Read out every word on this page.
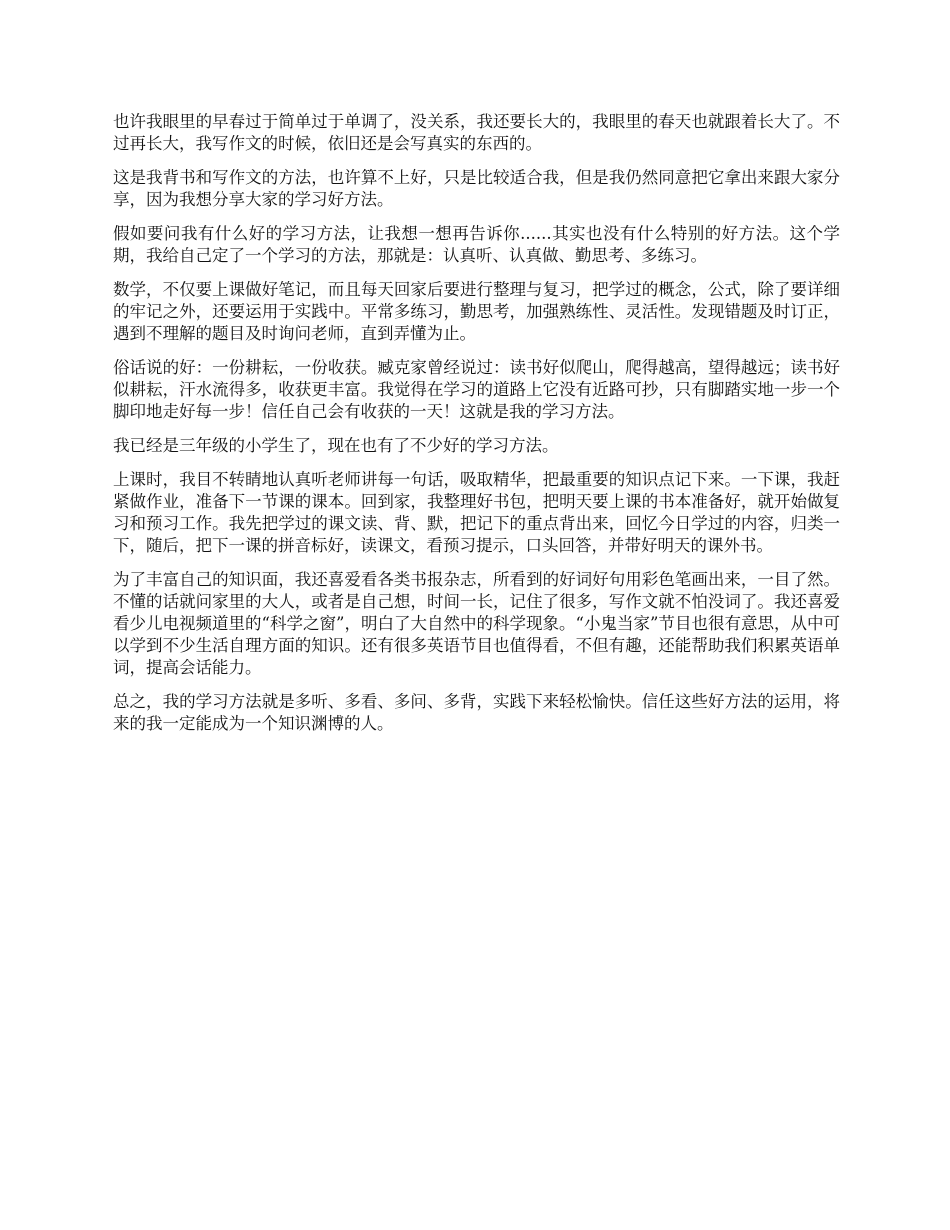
也许我眼里的早春过于简单过于单调了，没关系，我还要长大的，我眼里的春天也就跟着长大了。不过再长大，我写作文的时候，依旧还是会写真实的东西的。

这是我背书和写作文的方法，也许算不上好，只是比较适合我，但是我仍然同意把它拿出来跟大家分享，因为我想分享大家的学习好方法。

假如要问我有什么好的学习方法，让我想一想再告诉你......其实也没有什么特别的好方法。这个学期，我给自己定了一个学习的方法，那就是：认真听、认真做、勤思考、多练习。

数学，不仅要上课做好笔记，而且每天回家后要进行整理与复习，把学过的概念，公式，除了要详细的牢记之外，还要运用于实践中。平常多练习，勤思考，加强熟练性、灵活性。发现错题及时订正，遇到不理解的题目及时询问老师，直到弄懂为止。

俗话说的好：一份耕耘，一份收获。臧克家曾经说过：读书好似爬山，爬得越高，望得越远；读书好似耕耘，汗水流得多，收获更丰富。我觉得在学习的道路上它没有近路可抄，只有脚踏实地一步一个脚印地走好每一步！信任自己会有收获的一天！这就是我的学习方法。

我已经是三年级的小学生了，现在也有了不少好的学习方法。

上课时，我目不转睛地认真听老师讲每一句话，吸取精华，把最重要的知识点记下来。一下课，我赶紧做作业，准备下一节课的课本。回到家，我整理好书包，把明天要上课的书本准备好，就开始做复习和预习工作。我先把学过的课文读、背、默，把记下的重点背出来，回忆今日学过的内容，归类一下，随后，把下一课的拼音标好，读课文，看预习提示，口头回答，并带好明天的课外书。

为了丰富自己的知识面，我还喜爱看各类书报杂志，所看到的好词好句用彩色笔画出来，一目了然。不懂的话就问家里的大人，或者是自己想，时间一长，记住了很多，写作文就不怕没词了。我还喜爱看少儿电视频道里的“科学之窗”，明白了大自然中的科学现象。“小鬼当家”节目也很有意思，从中可以学到不少生活自理方面的知识。还有很多英语节目也值得看，不但有趣，还能帮助我们积累英语单词，提高会话能力。

总之，我的学习方法就是多听、多看、多问、多背，实践下来轻松愉快。信任这些好方法的运用，将来的我一定能成为一个知识渊博的人。
